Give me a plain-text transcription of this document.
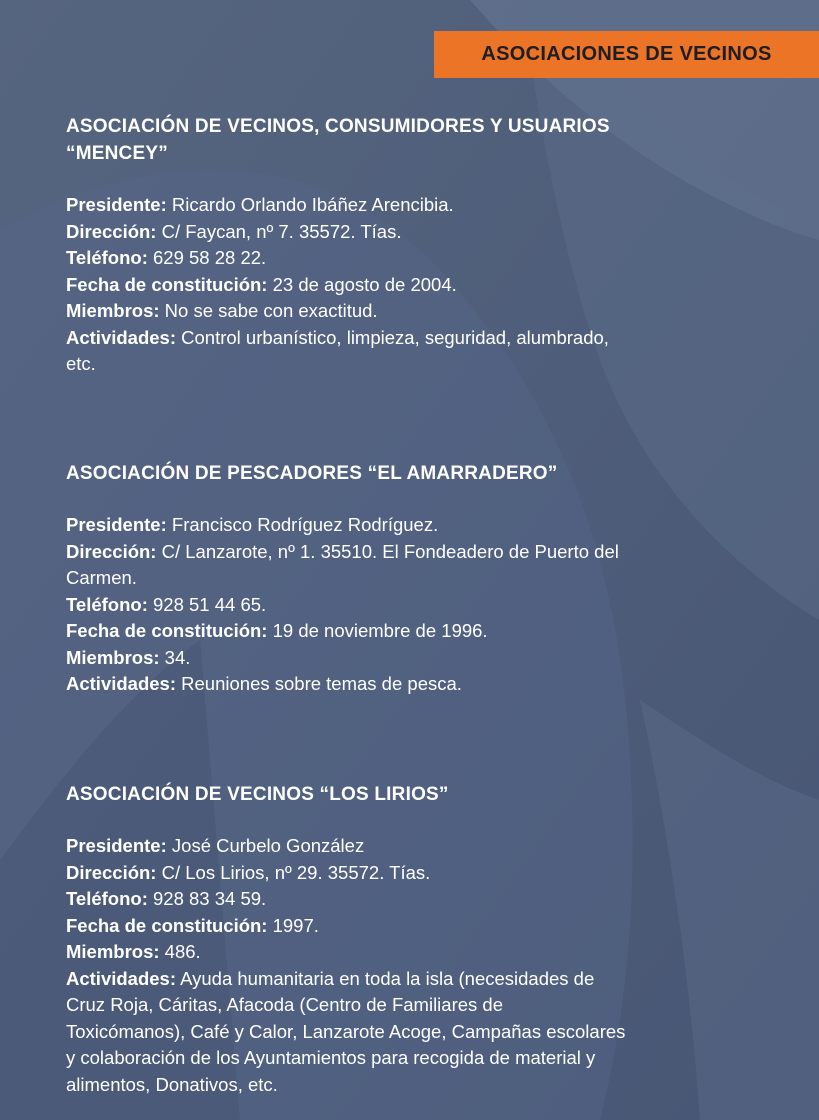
ASOCIACIONES DE VECINOS
ASOCIACIÓN DE VECINOS, CONSUMIDORES Y USUARIOS “MENCEY”
Presidente: Ricardo Orlando Ibáñez Arencibia.
Dirección: C/ Faycan, nº 7. 35572. Tías.
Teléfono: 629 58 28 22.
Fecha de constitución: 23 de agosto de 2004.
Miembros: No se sabe con exactitud.
Actividades: Control urbanístico, limpieza, seguridad, alumbrado, etc.
ASOCIACIÓN DE PESCADORES “EL AMARRADERO”
Presidente: Francisco Rodríguez Rodríguez.
Dirección: C/ Lanzarote, nº 1. 35510. El Fondeadero de Puerto del Carmen.
Teléfono: 928 51 44 65.
Fecha de constitución: 19 de noviembre de 1996.
Miembros: 34.
Actividades: Reuniones sobre temas de pesca.
ASOCIACIÓN DE VECINOS “LOS LIRIOS”
Presidente: José Curbelo González
Dirección: C/ Los Lirios, nº 29. 35572. Tías.
Teléfono: 928 83 34 59.
Fecha de constitución: 1997.
Miembros: 486.
Actividades: Ayuda humanitaria en toda la isla (necesidades de Cruz Roja, Cáritas, Afacoda (Centro de Familiares de Toxicómanos), Café y Calor, Lanzarote Acoge, Campañas escolares y colaboración de los Ayuntamientos para recogida de material y alimentos, Donativos, etc.
